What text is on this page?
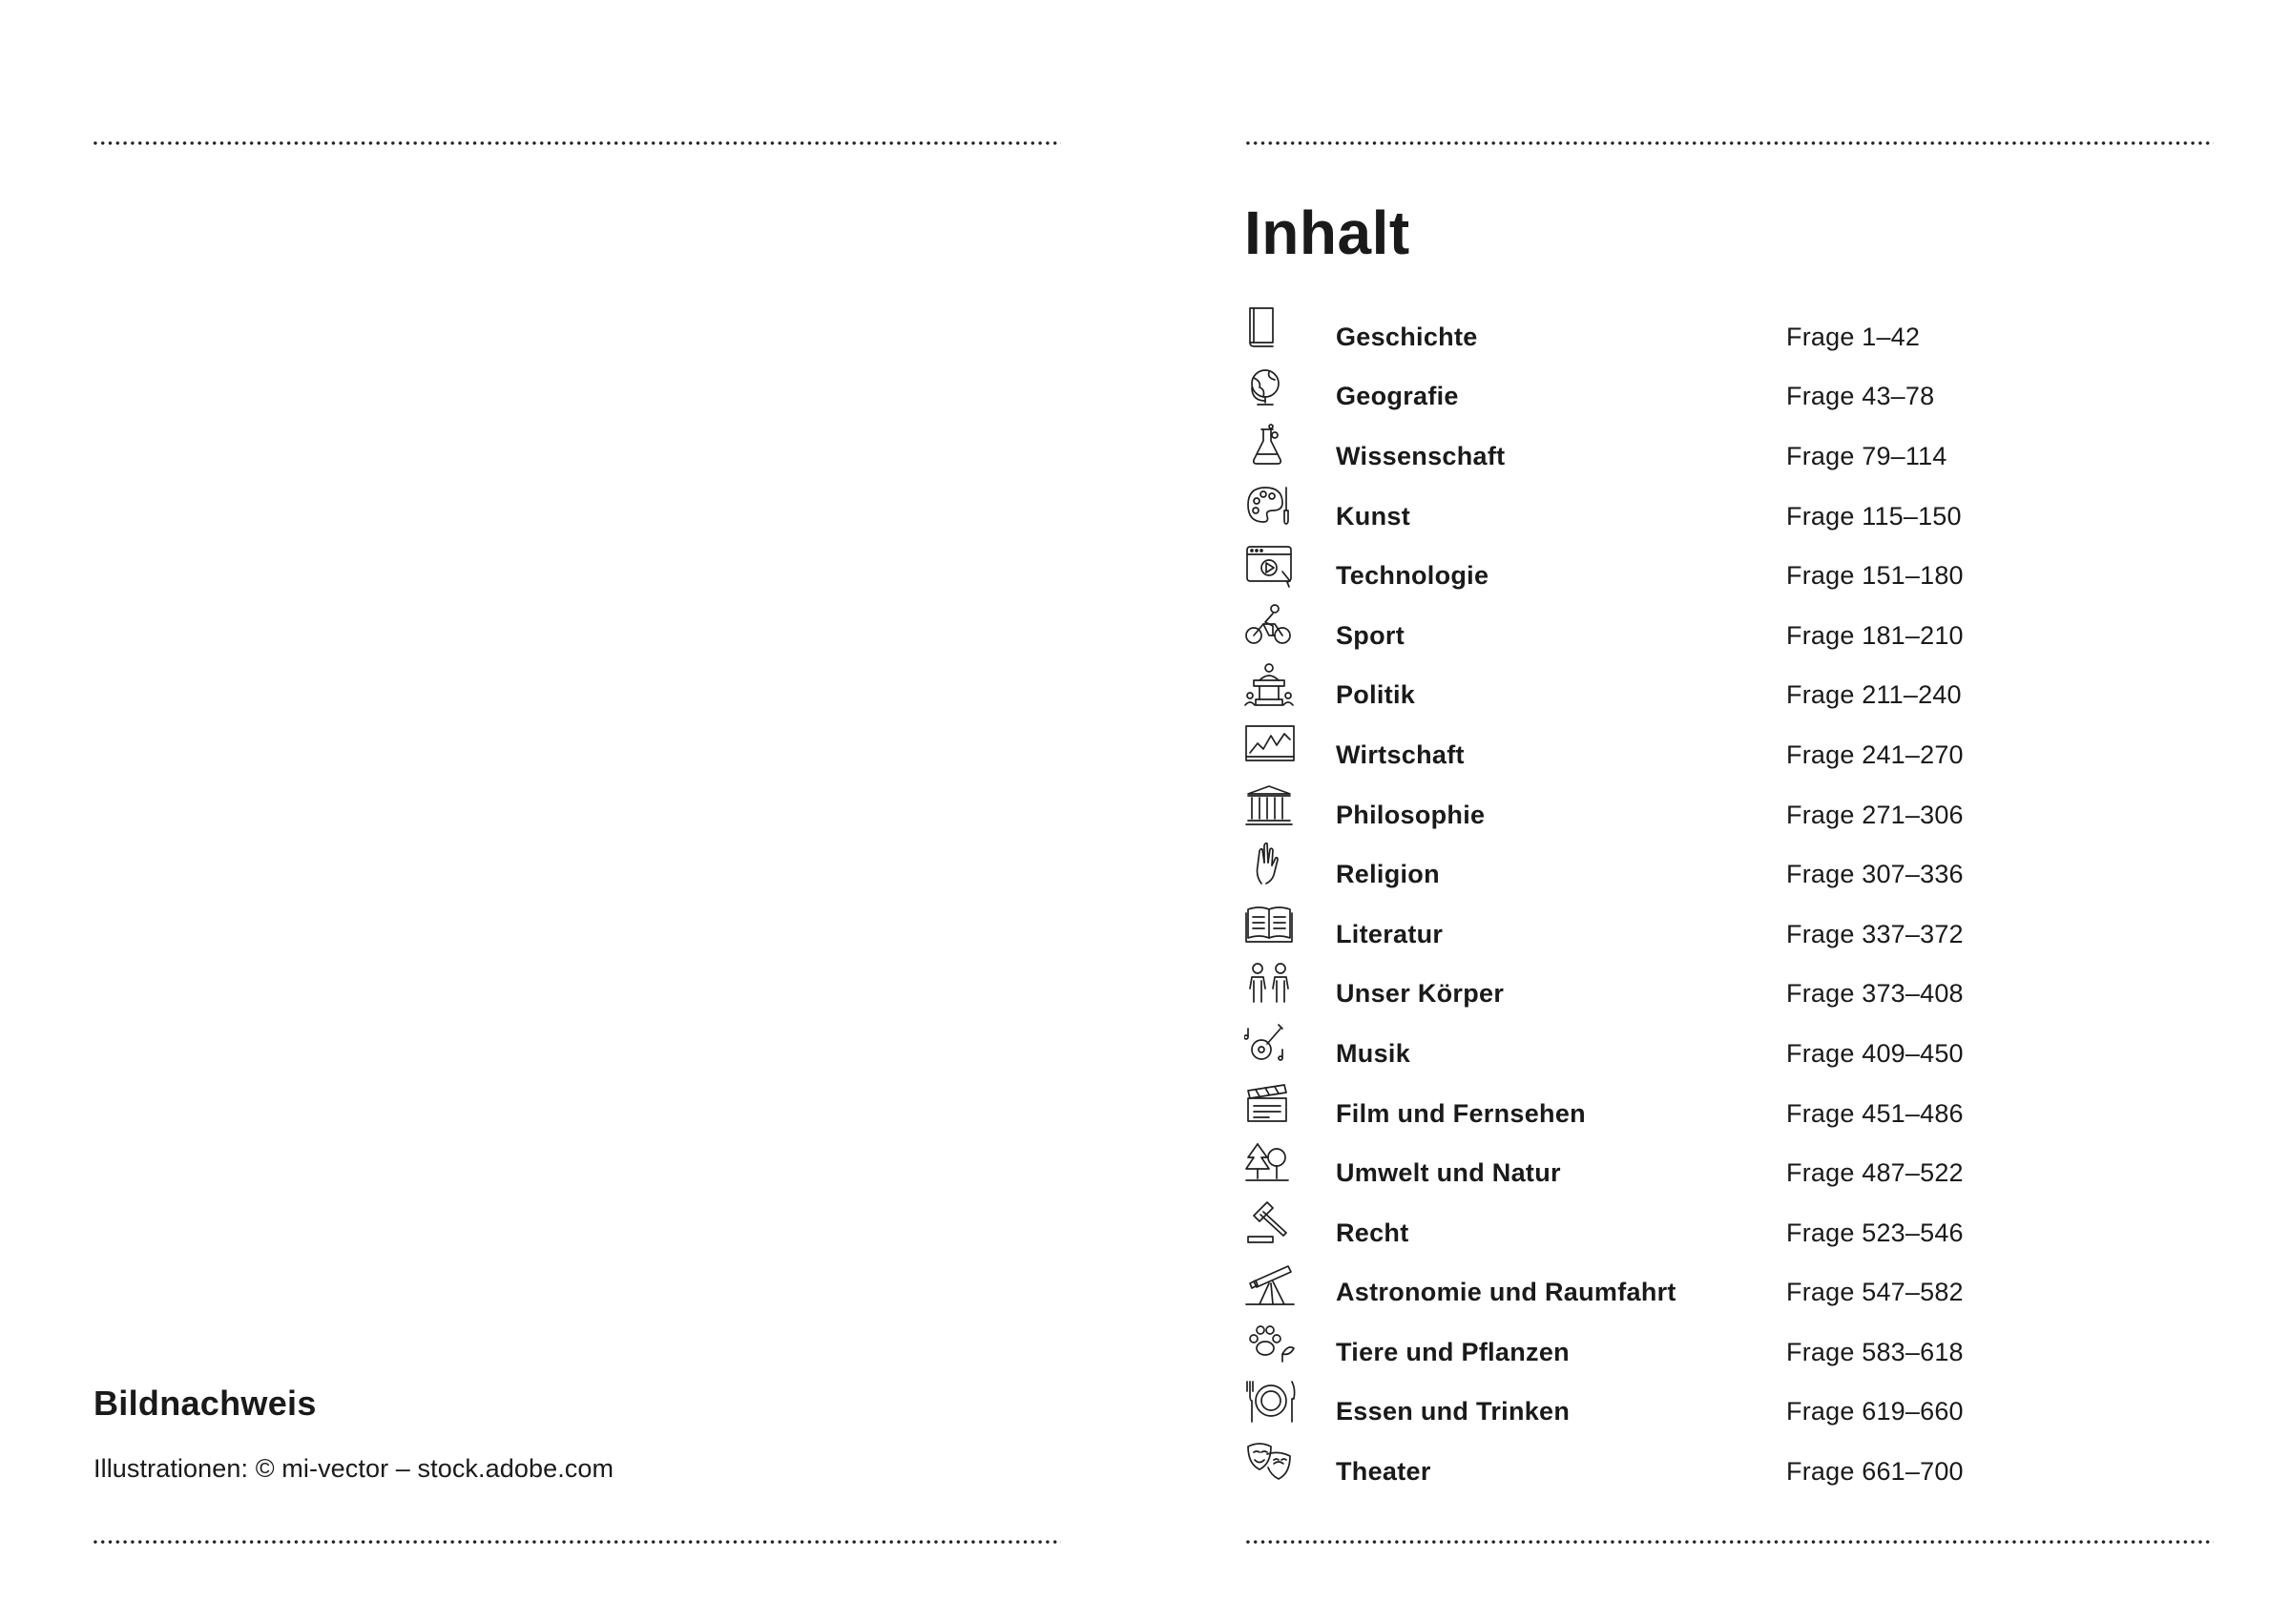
Bildnachweis

Illustrationen: © mi-vector – stock.adobe.com

Inhalt
Geschichte	Frage 1–42
Geografie	Frage 43–78
Wissenschaft	Frage 79–114
Kunst	Frage 115–150
Technologie	Frage 151–180
Sport	Frage 181–210
Politik	Frage 211–240
Wirtschaft	Frage 241–270
Philosophie	Frage 271–306
Religion	Frage 307–336
Literatur	Frage 337–372
Unser Körper	Frage 373–408
Musik	Frage 409–450
Film und Fernsehen	Frage 451–486
Umwelt und Natur	Frage 487–522
Recht	Frage 523–546
Astronomie und Raumfahrt	Frage 547–582
Tiere und Pflanzen	Frage 583–618
Essen und Trinken	Frage 619–660
Theater	Frage 661–700
